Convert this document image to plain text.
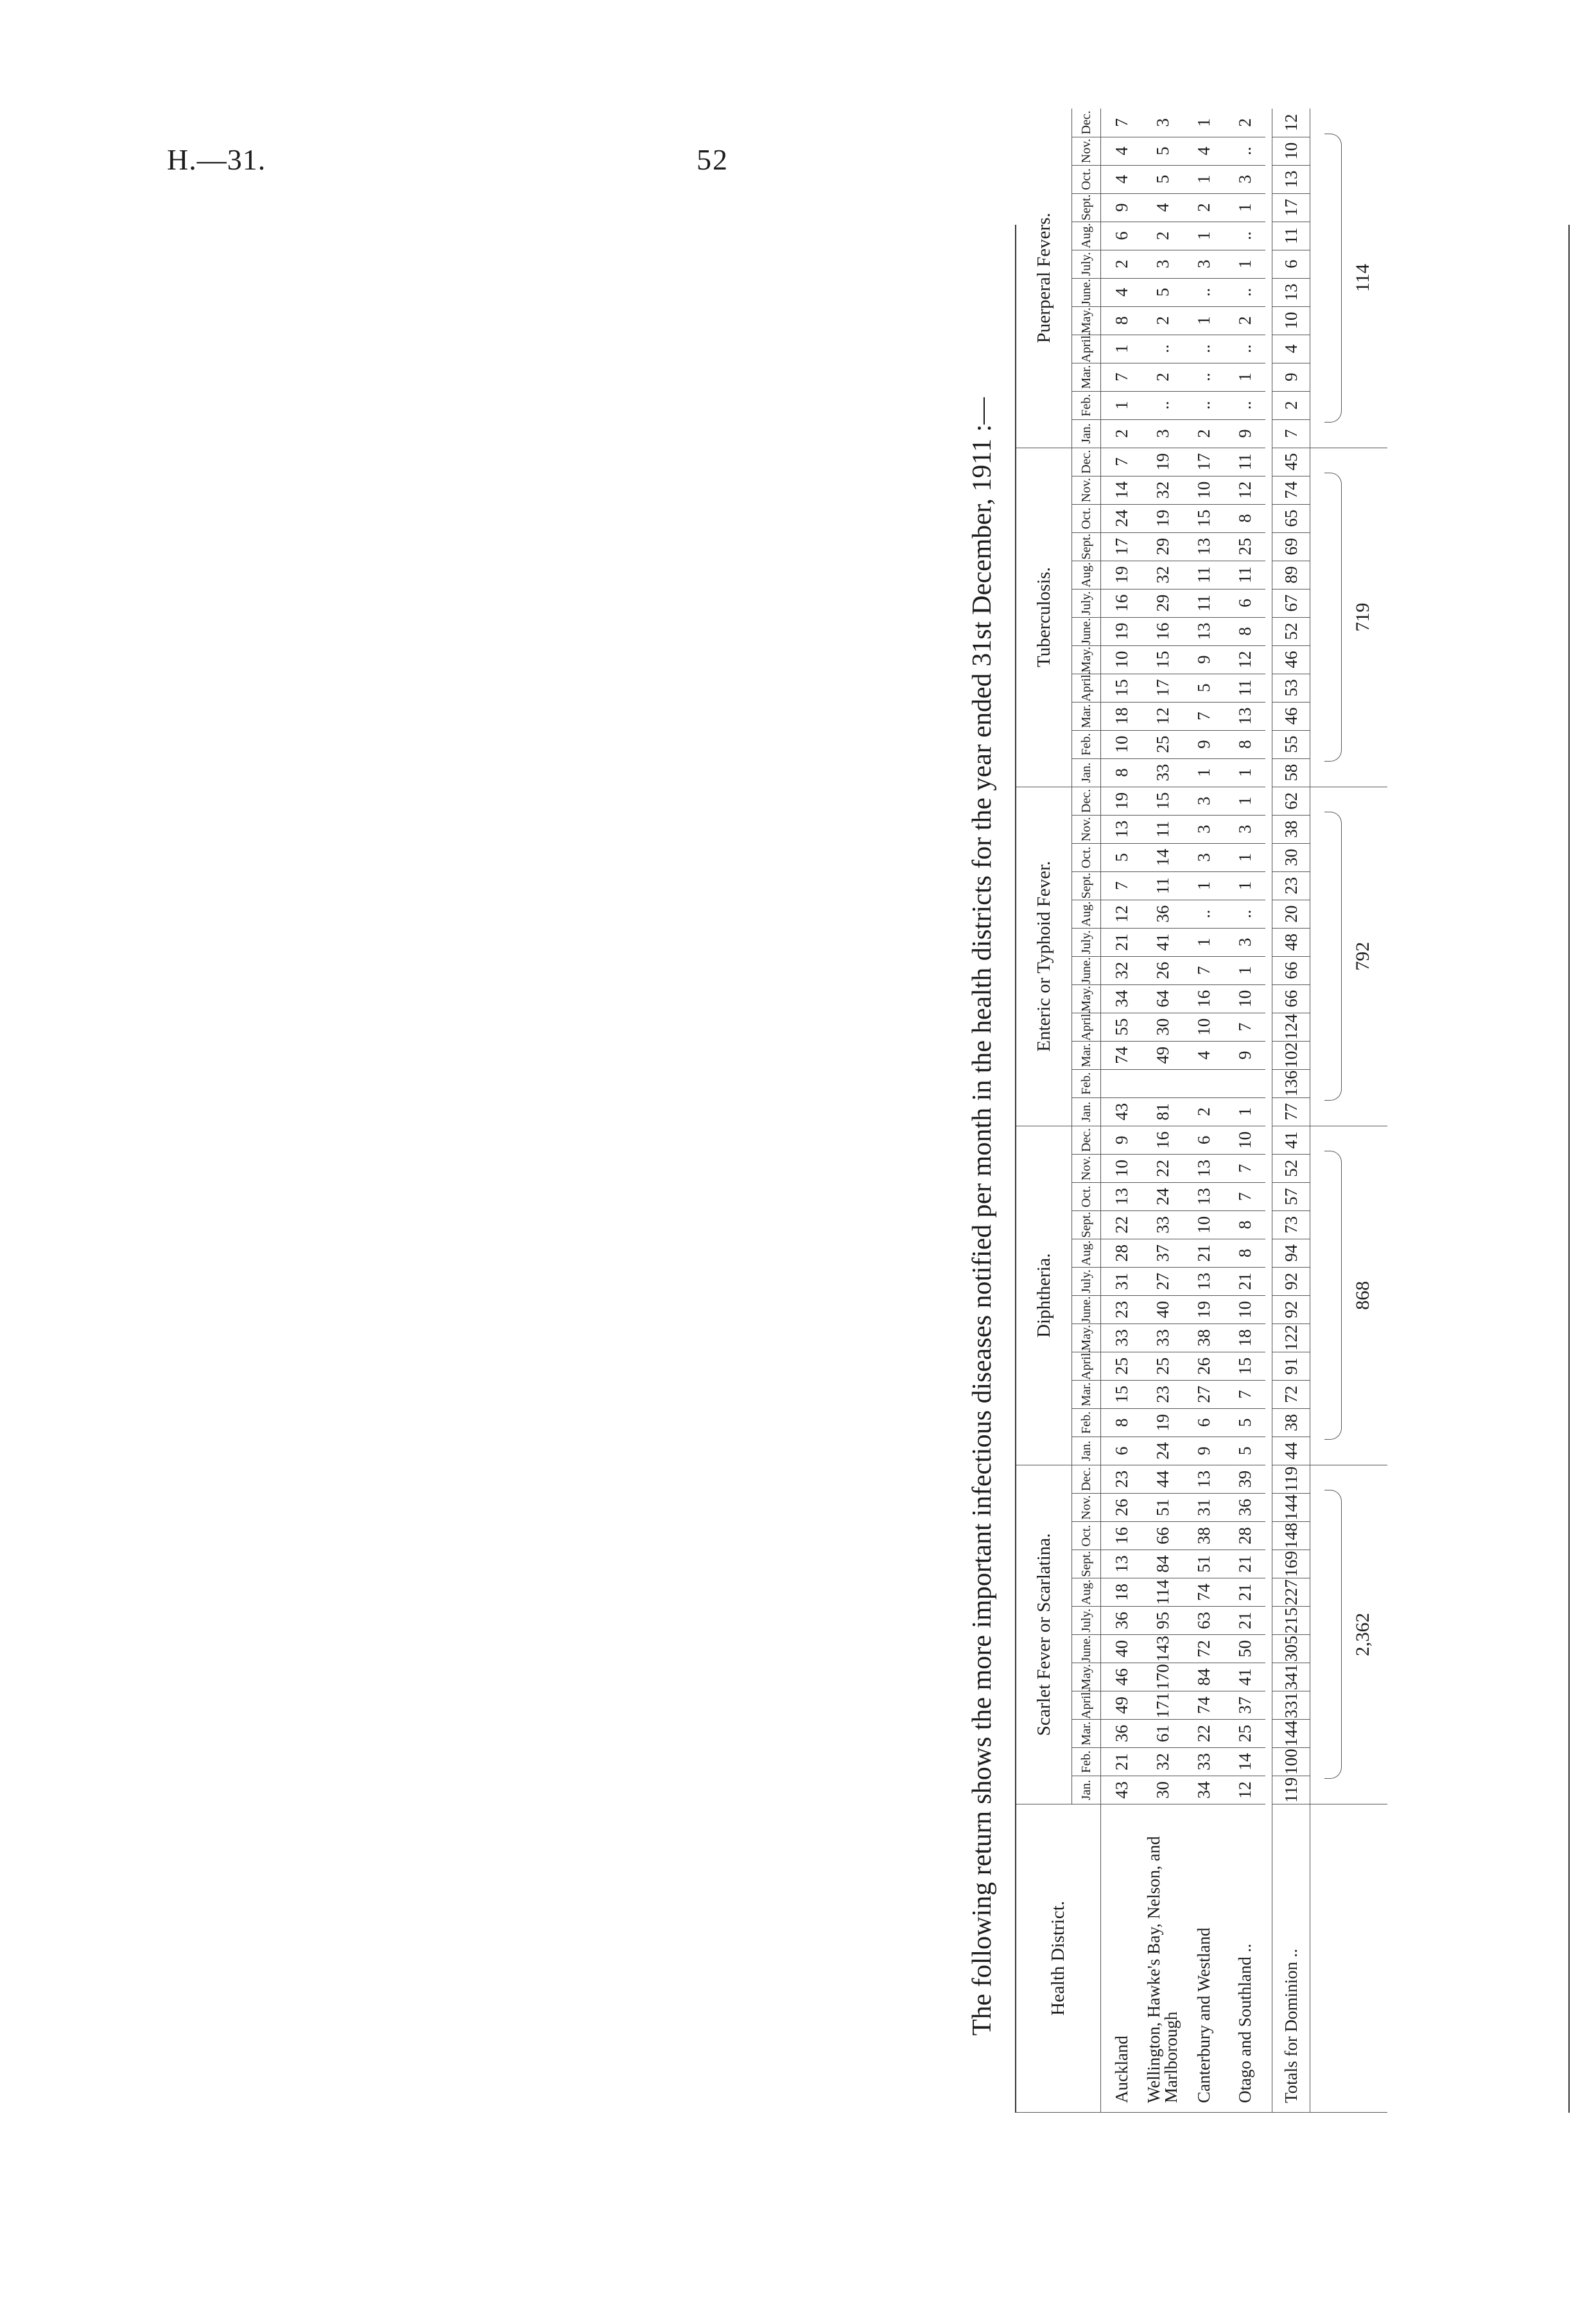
H.—31.	52
The following return shows the more important infectious diseases notified per month in the health districts for the year ended 31st December, 1911 :—	Health District.	Scarlet Fever or Scarlatina.												Diphtheria.												Enteric or Typhoid Fever.												Tuberculosis.												Puerperal Fevers.											
	Jan.	Feb.	Mar.	April.	May.	June.	July.	Aug.	Sept.	Oct.	Nov.	Dec.	Jan.	Feb.	Mar.	April.	May.	June.	July.	Aug.	Sept.	Oct.	Nov.	Dec.	Jan.	Feb.	Mar.	April.	May.	June.	July.	Aug.	Sept.	Oct.	Nov.	Dec.	Jan.	Feb.	Mar.	April.	May.	June.	July.	Aug.	Sept.	Oct.	Nov.	Dec.	Jan.	Feb.	Mar.	April.	May.	June.	July.	Aug.	Sept.	Oct.	Nov.	Dec.
Auckland	43	21	36	49	46	40	36	18	13	16	26	23	6	8	15	25	33	23	31	28	22	13	10	9	43		74	55	34	32	21	12	7	5	13	19	8	10	18	15	10	19	16	19	17	24	14	7	2	1	7	1	8	4	2	6	9	4	4	7
Wellington, Hawke's Bay, Nelson, and Marlborough	30	32	61	171	170	143	95	114	84	66	51	44	24	19	23	25	33	40	27	37	33	24	22	16	81		49	30	64	26	41	36	11	14	11	15	33	25	12	17	15	16	29	32	29	19	32	19	3	..	2	..	2	5	3	2	4	5	5	3
Canterbury and Westland	34	33	22	74	84	72	63	74	51	38	31	13	9	6	27	26	38	19	13	21	10	13	13	6	2		4	10	16	7	1	..	1	3	3	3	1	9	7	5	9	13	11	11	13	15	10	17	2	..	..	..	1	..	3	1	2	1	4	1
Otago and Southland ..	12	14	25	37	41	50	21	21	21	28	36	39	5	5	7	15	18	10	21	8	8	7	7	10	1		9	7	10	1	3	..	1	1	3	1	1	8	13	11	12	8	6	11	25	8	12	11	9	..	1	..	2	..	1	..	1	3	..	2

Totals for Dominion ..	119	100	144	331	341	305	215	227	169	148	144	119	44	38	72	91	122	92	92	94	73	57	52	41	77	136	102	124	66	66	48	20	23	30	38	62	58	55	46	53	46	52	67	89	69	65	74	45	7	2	9	4	10	13	6	11	17	13	10	12

	2,362												868												792												719												114											
